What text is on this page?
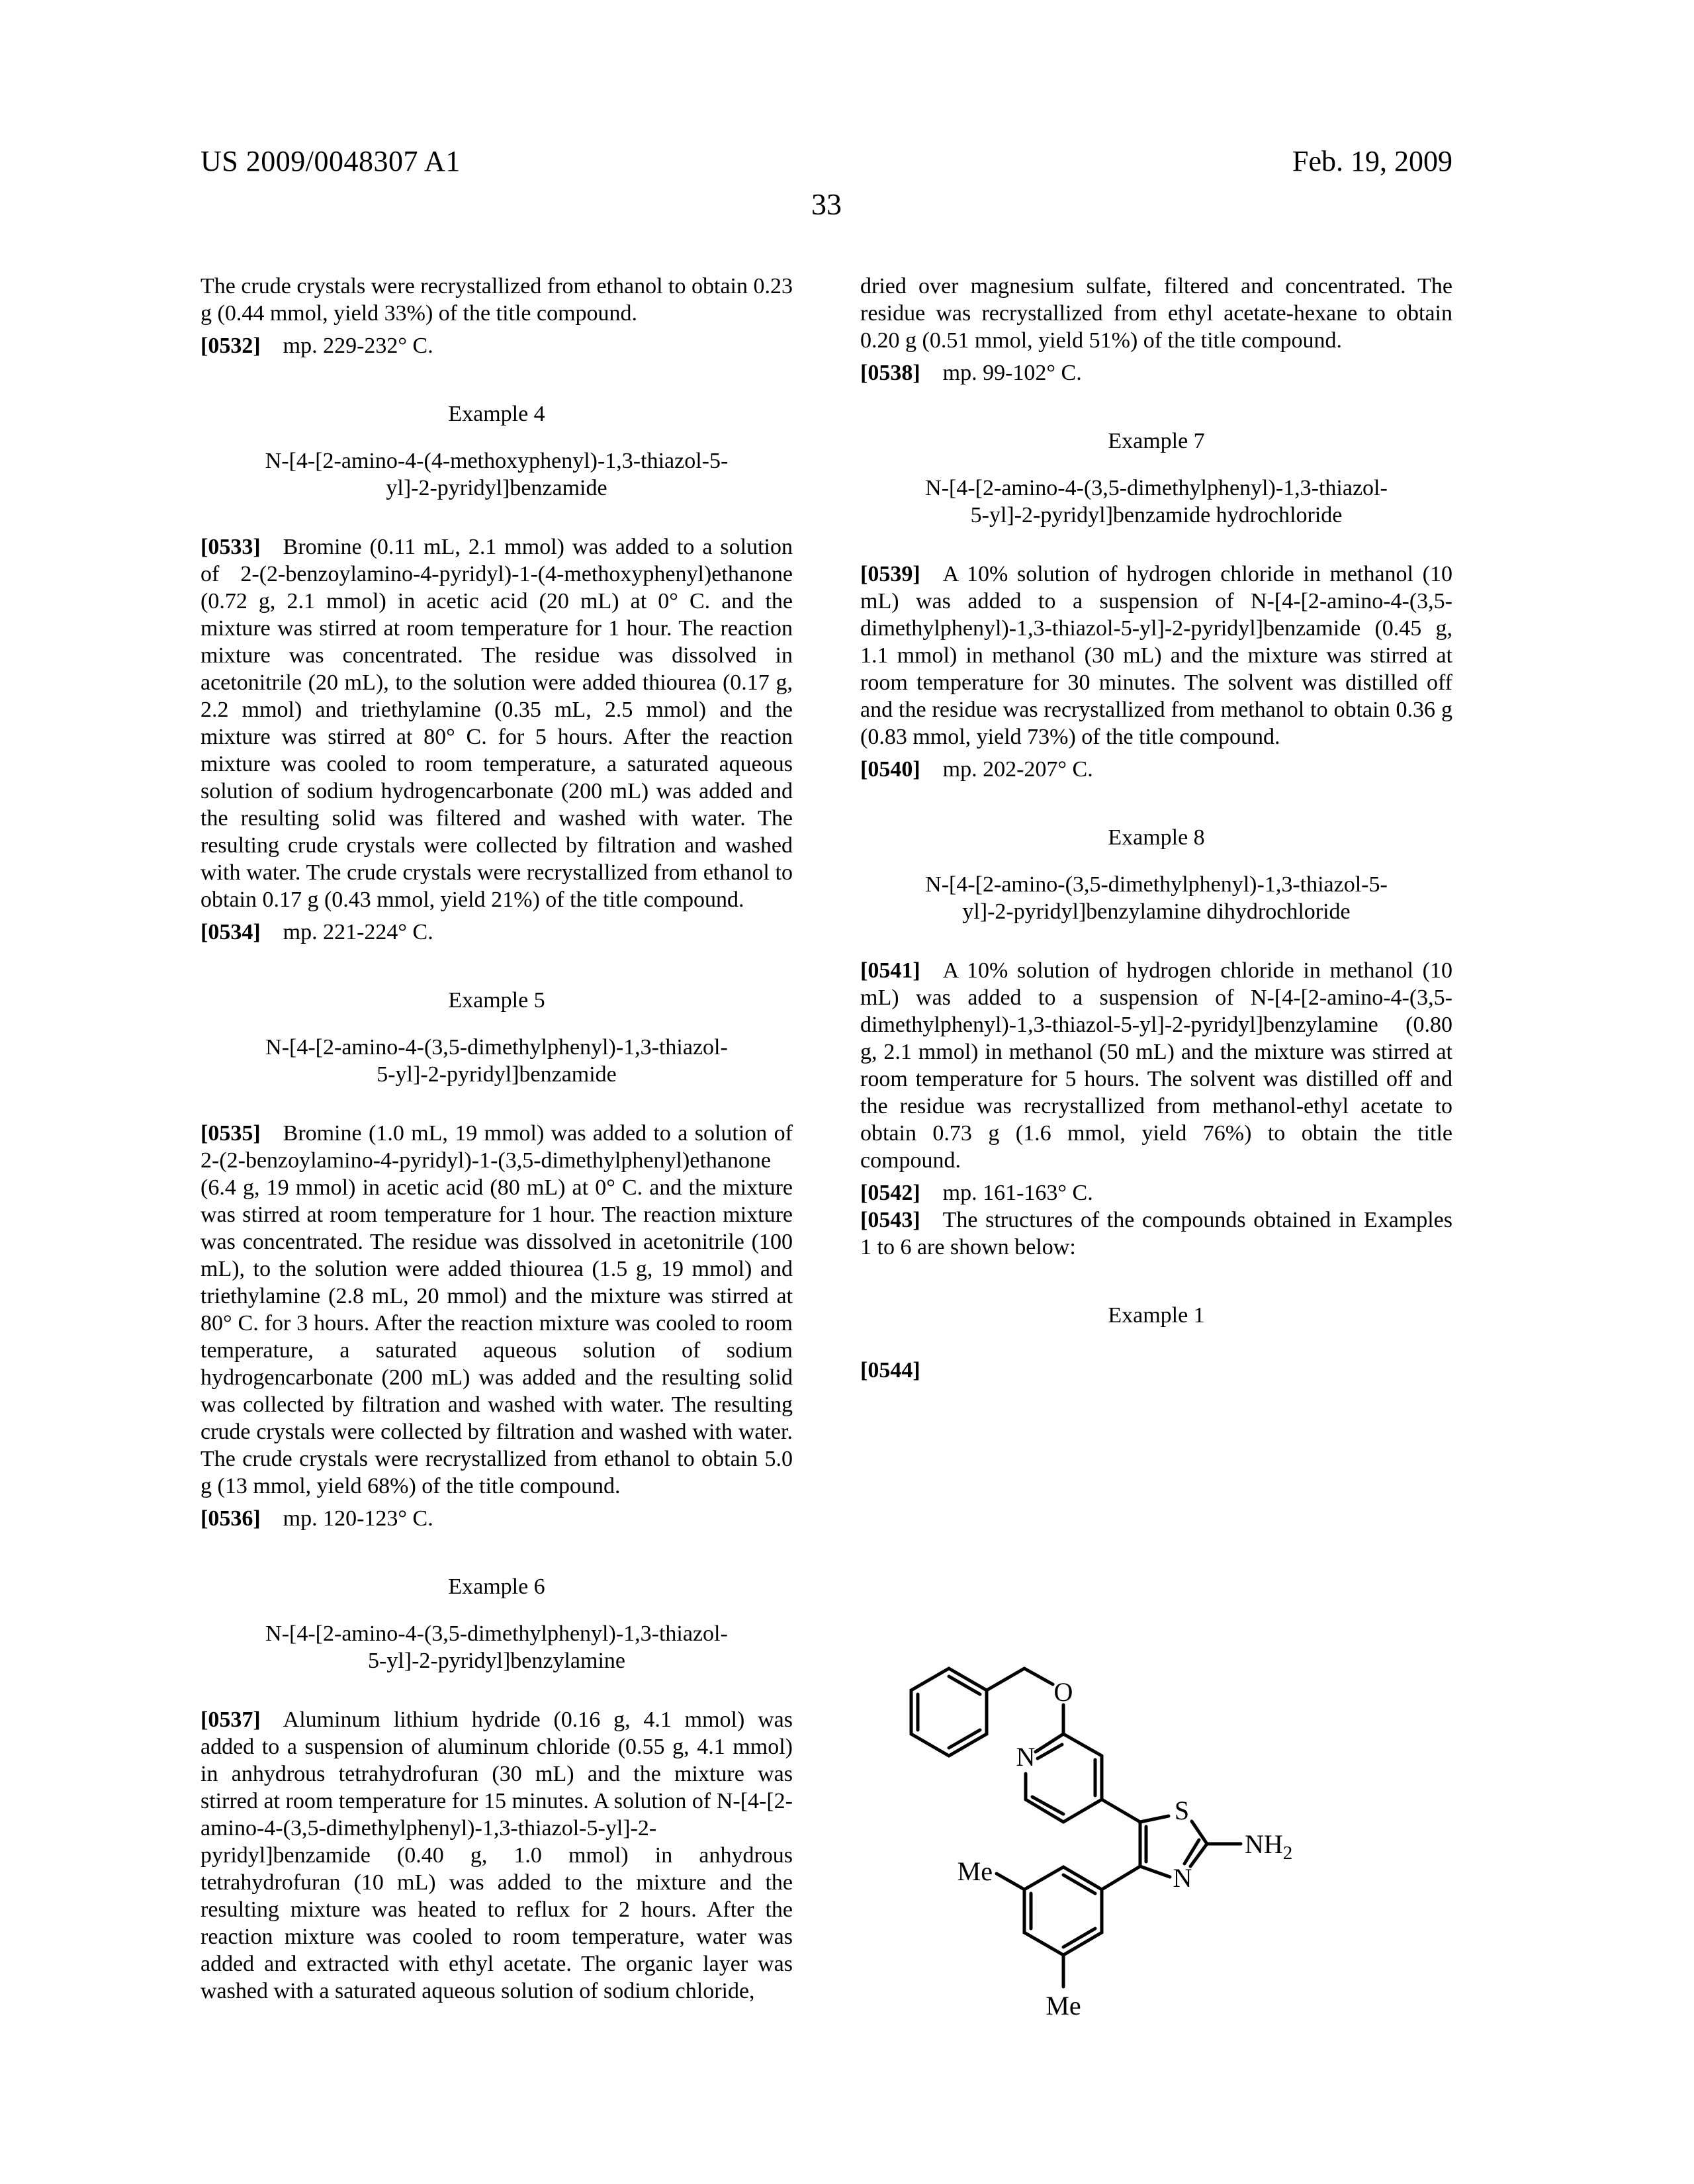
US 2009/0048307 A1	Feb. 19, 2009
33

The crude crystals were recrystallized from ethanol to obtain 0.23 g (0.44 mmol, yield 33%) of the title compound.

[0532] mp. 229-232° C.

Example 4
N-[4-[2-amino-4-(4-methoxyphenyl)-1,3-thiazol-5-
yl]-2-pyridyl]benzamide

[0533] Bromine (0.11 mL, 2.1 mmol) was added to a solution of 2-(2-benzoylamino-4-pyridyl)-1-(4-methoxyphenyl)ethanone (0.72 g, 2.1 mmol) in acetic acid (20 mL) at 0° C. and the mixture was stirred at room temperature for 1 hour. The reaction mixture was concentrated. The residue was dissolved in acetonitrile (20 mL), to the solution were added thiourea (0.17 g, 2.2 mmol) and triethylamine (0.35 mL, 2.5 mmol) and the mixture was stirred at 80° C. for 5 hours. After the reaction mixture was cooled to room temperature, a saturated aqueous solution of sodium hydrogencarbonate (200 mL) was added and the resulting solid was filtered and washed with water. The resulting crude crystals were collected by filtration and washed with water. The crude crystals were recrystallized from ethanol to obtain 0.17 g (0.43 mmol, yield 21%) of the title compound.

[0534] mp. 221-224° C.

Example 5
N-[4-[2-amino-4-(3,5-dimethylphenyl)-1,3-thiazol-
5-yl]-2-pyridyl]benzamide

[0535] Bromine (1.0 mL, 19 mmol) was added to a solution of 2-(2-benzoylamino-4-pyridyl)-1-(3,5-dimethylphenyl)ethanone (6.4 g, 19 mmol) in acetic acid (80 mL) at 0° C. and the mixture was stirred at room temperature for 1 hour. The reaction mixture was concentrated. The residue was dissolved in acetonitrile (100 mL), to the solution were added thiourea (1.5 g, 19 mmol) and triethylamine (2.8 mL, 20 mmol) and the mixture was stirred at 80° C. for 3 hours. After the reaction mixture was cooled to room temperature, a saturated aqueous solution of sodium hydrogencarbonate (200 mL) was added and the resulting solid was collected by filtration and washed with water. The resulting crude crystals were collected by filtration and washed with water. The crude crystals were recrystallized from ethanol to obtain 5.0 g (13 mmol, yield 68%) of the title compound.

[0536] mp. 120-123° C.

Example 6
N-[4-[2-amino-4-(3,5-dimethylphenyl)-1,3-thiazol-
5-yl]-2-pyridyl]benzylamine

[0537] Aluminum lithium hydride (0.16 g, 4.1 mmol) was added to a suspension of aluminum chloride (0.55 g, 4.1 mmol) in anhydrous tetrahydrofuran (30 mL) and the mixture was stirred at room temperature for 15 minutes. A solution of N-[4-[2-amino-4-(3,5-dimethylphenyl)-1,3-thiazol-5-yl]-2-pyridyl]benzamide (0.40 g, 1.0 mmol) in anhydrous tetrahydrofuran (10 mL) was added to the mixture and the resulting mixture was heated to reflux for 2 hours. After the reaction mixture was cooled to room temperature, water was added and extracted with ethyl acetate. The organic layer was washed with a saturated aqueous solution of sodium chloride,

dried over magnesium sulfate, filtered and concentrated. The residue was recrystallized from ethyl acetate-hexane to obtain 0.20 g (0.51 mmol, yield 51%) of the title compound.

[0538] mp. 99-102° C.

Example 7
N-[4-[2-amino-4-(3,5-dimethylphenyl)-1,3-thiazol-
5-yl]-2-pyridyl]benzamide hydrochloride

[0539] A 10% solution of hydrogen chloride in methanol (10 mL) was added to a suspension of N-[4-[2-amino-4-(3,5-dimethylphenyl)-1,3-thiazol-5-yl]-2-pyridyl]benzamide (0.45 g, 1.1 mmol) in methanol (30 mL) and the mixture was stirred at room temperature for 30 minutes. The solvent was distilled off and the residue was recrystallized from methanol to obtain 0.36 g (0.83 mmol, yield 73%) of the title compound.

[0540] mp. 202-207° C.

Example 8
N-[4-[2-amino-(3,5-dimethylphenyl)-1,3-thiazol-5-
yl]-2-pyridyl]benzylamine dihydrochloride

[0541] A 10% solution of hydrogen chloride in methanol (10 mL) was added to a suspension of N-[4-[2-amino-4-(3,5-dimethylphenyl)-1,3-thiazol-5-yl]-2-pyridyl]benzylamine (0.80 g, 2.1 mmol) in methanol (50 mL) and the mixture was stirred at room temperature for 5 hours. The solvent was distilled off and the residue was recrystallized from methanol-ethyl acetate to obtain 0.73 g (1.6 mmol, yield 76%) to obtain the title compound.

[0542] mp. 161-163° C.

[0543] The structures of the compounds obtained in Examples 1 to 6 are shown below:

Example 1

[0544]

O
N
S
N
$NH_2$
Me
Me
